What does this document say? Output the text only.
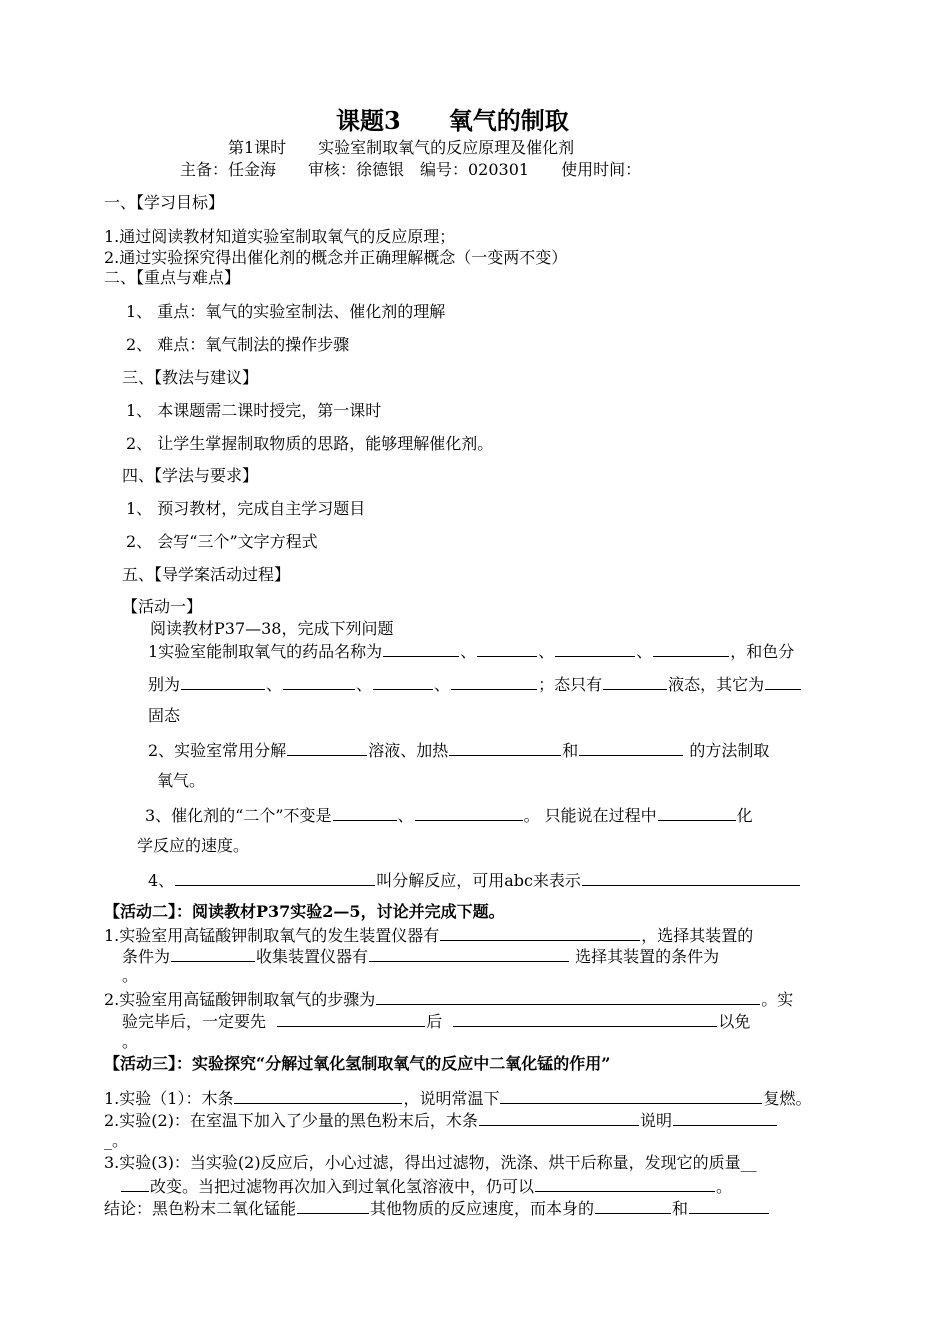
课题3　　氧气的制取
第1课时　　实验室制取氧气的反应原理及催化剂
主备：任金海　　审核：徐德银　编号：020301　　使用时间：
一、【学习目标】
1.通过阅读教材知道实验室制取氧气的反应原理；
2.通过实验探究得出催化剂的概念并正确理解概念（一变两不变）
二、【重点与难点】
1、 重点：氧气的实验室制法、催化剂的理解
2、 难点：氧气制法的操作步骤
三、【教法与建议】
1、 本课题需二课时授完，第一课时
2、 让学生掌握制取物质的思路，能够理解催化剂。
四、【学法与要求】
1、 预习教材，完成自主学习题目
2、 会写“三个”文字方程式
五、【导学案活动过程】
【活动一】
阅读教材P37—38，完成下列问题
1实验室能制取氧气的药品名称为	、	、	、	，和色分
别为	、	、	、	；态只有	液态，其它为
固态
2、实验室常用分解	溶液、加热	和	的方法制取
氧气。
3、催化剂的“二个”不变是	、	。 只能说在过程中	化
学反应的速度。
4、	叫分解反应，可用abc来表示
【活动二】：阅读教材P37实验2—5，讨论并完成下题。
1.实验室用高锰酸钾制取氧气的发生装置仪器有	，选择其装置的
条件为	收集装置仪器有	选择其装置的条件为
。
2.实验室用高锰酸钾制取氧气的步骤为	。实
验完毕后，一定要先	后	以免
。
【活动三】：实验探究“分解过氧化氢制取氧气的反应中二氧化锰的作用”
1.实验（1）：木条	，说明常温下	复燃。
2.实验(2)：在室温下加入了少量的黑色粉末后，木条	说明
_。
3.实验(3)：当实验(2)反应后，小心过滤，得出过滤物，洗涤、烘干后称量，发现它的质量__
改变。当把过滤物再次加入到过氧化氢溶液中，仍可以	。
结论：黑色粉末二氧化锰能	其他物质的反应速度，而本身的	和
